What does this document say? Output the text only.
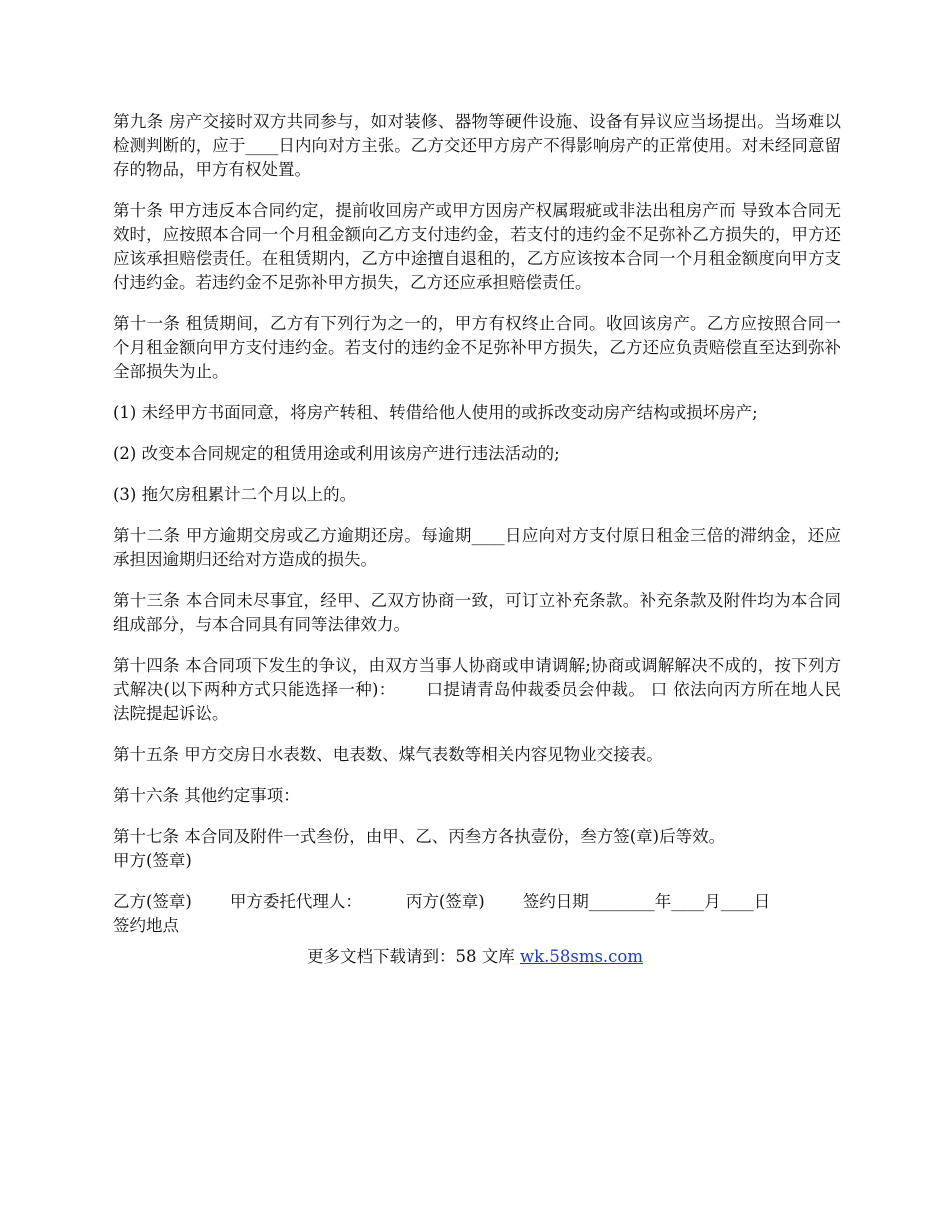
第九条 房产交接时双方共同参与，如对装修、器物等硬件设施、设备有异议应当场提出。当场难以检测判断的，应于____日内向对方主张。乙方交还甲方房产不得影响房产的正常使用。对未经同意留存的物品，甲方有权处置。

第十条 甲方违反本合同约定，提前收回房产或甲方因房产权属瑕疵或非法出租房产而 导致本合同无效时，应按照本合同一个月租金额向乙方支付违约金，若支付的违约金不足弥补乙方损失的，甲方还应该承担赔偿责任。在租赁期内，乙方中途擅自退租的，乙方应该按本合同一个月租金额度向甲方支付违约金。若违约金不足弥补甲方损失，乙方还应承担赔偿责任。

第十一条 租赁期间，乙方有下列行为之一的，甲方有权终止合同。收回该房产。乙方应按照合同一个月租金额向甲方支付违约金。若支付的违约金不足弥补甲方损失，乙方还应负责赔偿直至达到弥补全部损失为止。

(1) 未经甲方书面同意，将房产转租、转借给他人使用的或拆改变动房产结构或损坏房产;

(2) 改变本合同规定的租赁用途或利用该房产进行违法活动的;

(3) 拖欠房租累计二个月以上的。

第十二条 甲方逾期交房或乙方逾期还房。每逾期____日应向对方支付原日租金三倍的滞纳金，还应承担因逾期归还给对方造成的损失。

第十三条 本合同未尽事宜，经甲、乙双方协商一致，可订立补充条款。补充条款及附件均为本合同组成部分，与本合同具有同等法律效力。

第十四条 本合同项下发生的争议，由双方当事人协商或申请调解;协商或调解解决不成的，按下列方式解决(以下两种方式只能选择一种)：　　 口提请青岛仲裁委员会仲裁。 口 依法向丙方所在地人民法院提起诉讼。

第十五条 甲方交房日水表数、电表数、煤气表数等相关内容见物业交接表。

第十六条 其他约定事项：

第十七条 本合同及附件一式叁份，由甲、乙、丙叁方各执壹份，叁方签(章)后等效。
甲方(签章)

乙方(签章) 甲方委托代理人：	丙方(签章) 签约日期________年____月____日
签约地点
更多文档下载请到：58 文库 wk.58sms.com
